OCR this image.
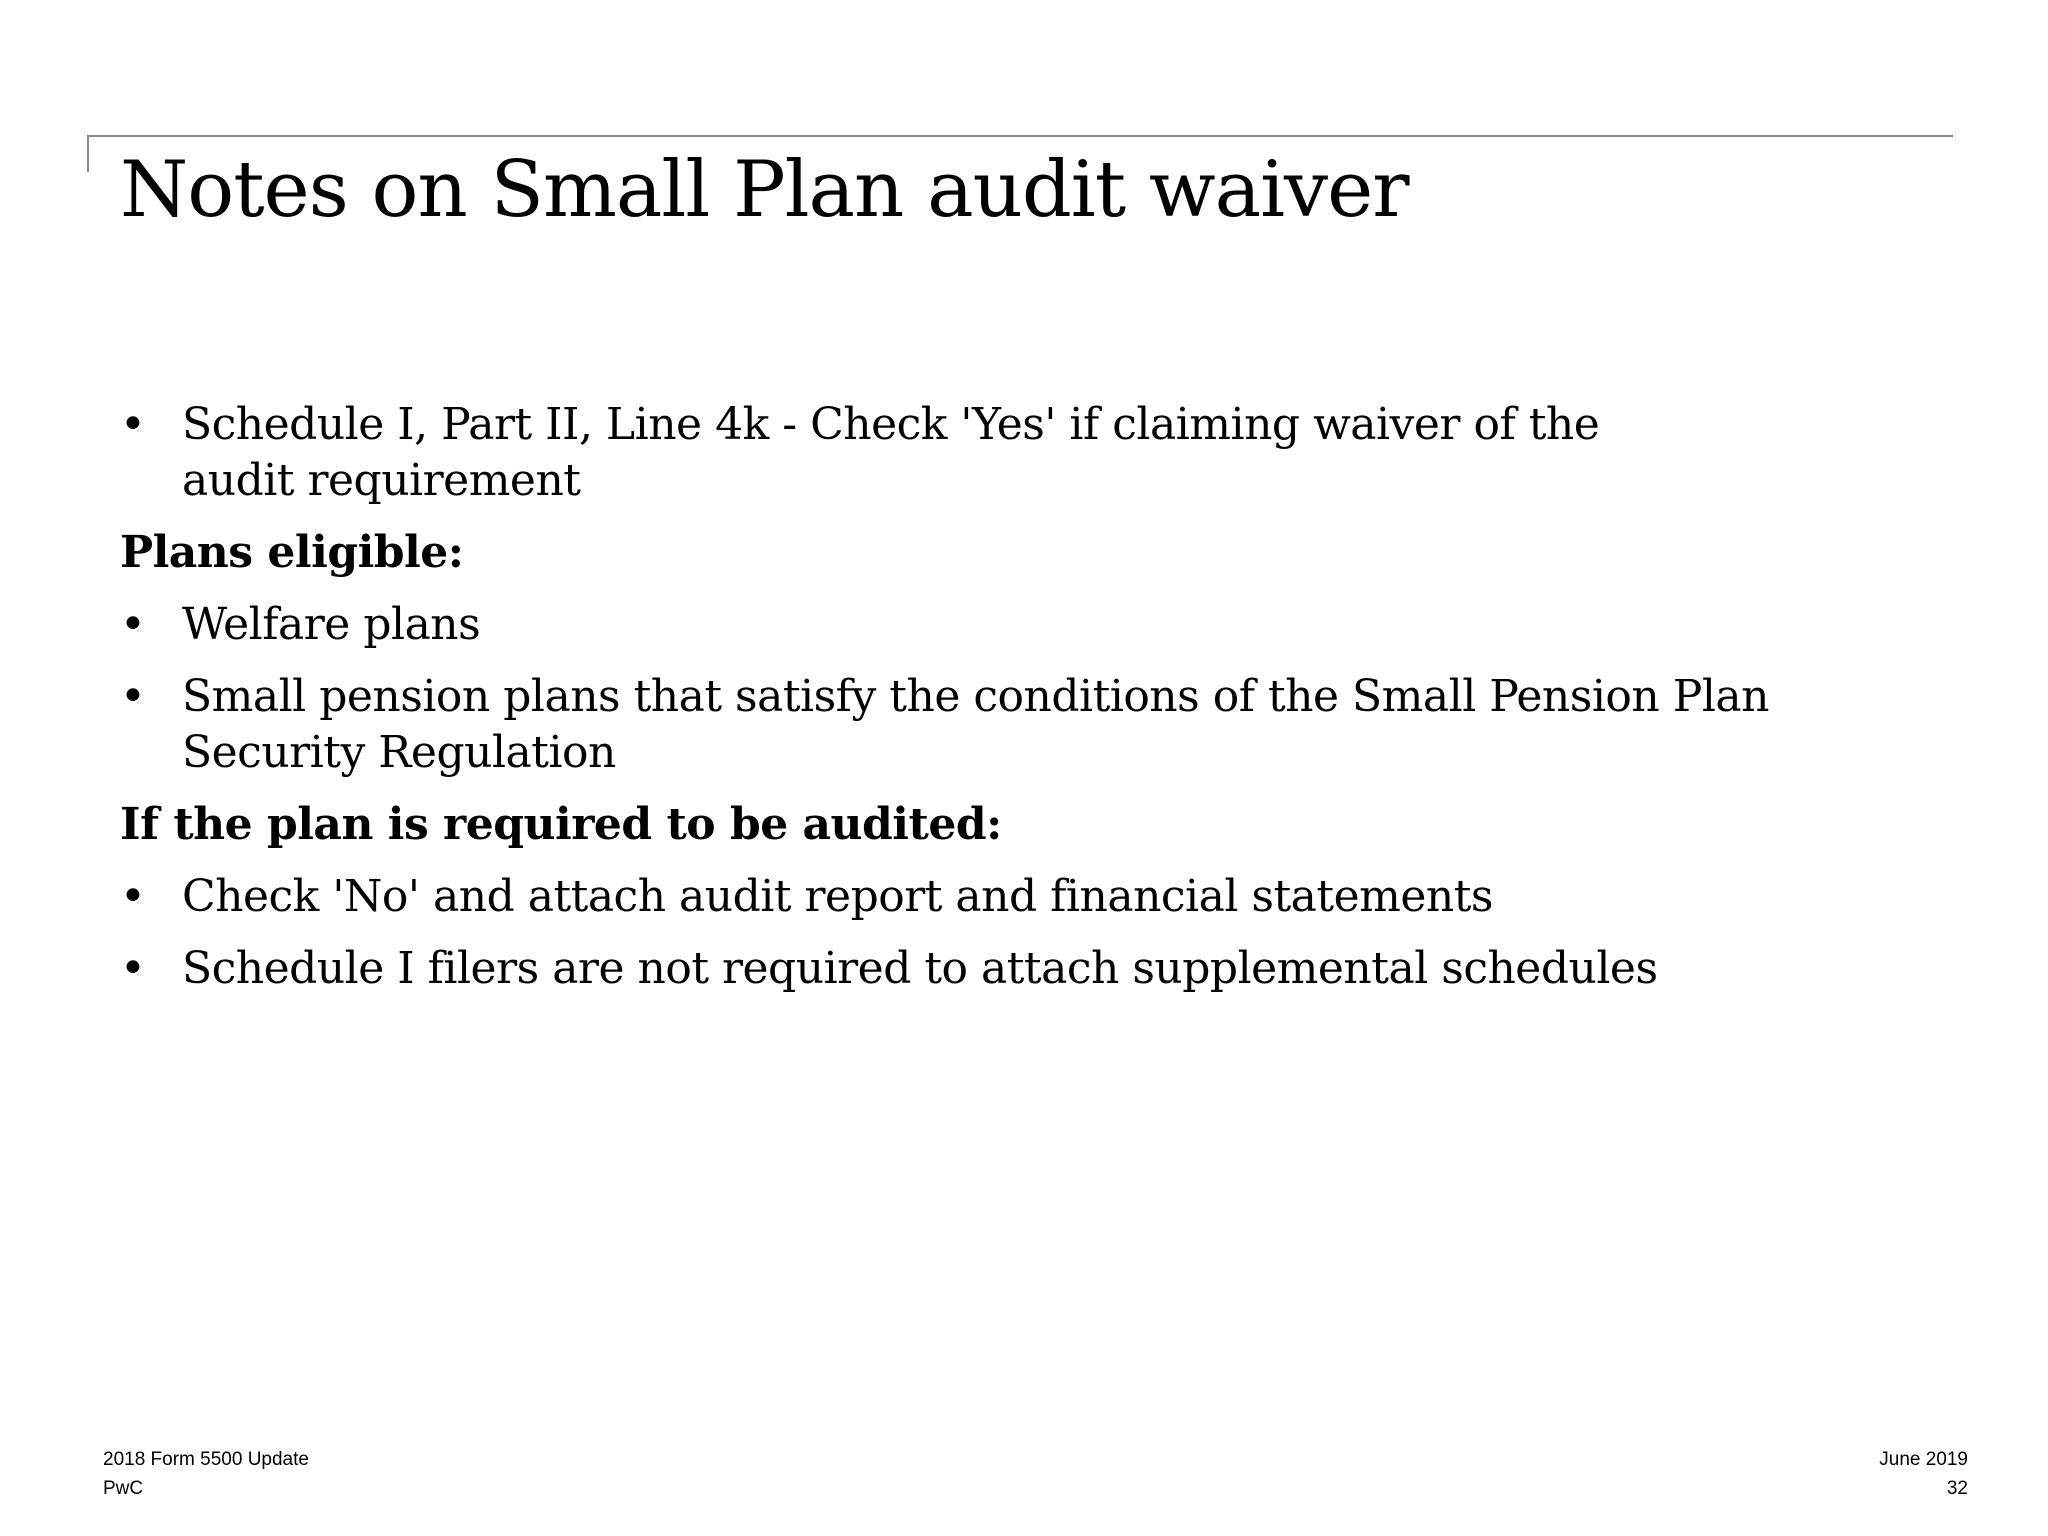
Notes on Small Plan audit waiver
• Schedule I, Part II, Line 4k - Check 'Yes' if claiming waiver of the audit requirement
Plans eligible:
• Welfare plans
• Small pension plans that satisfy the conditions of the Small Pension Plan Security Regulation
If the plan is required to be audited:
• Check 'No' and attach audit report and financial statements
• Schedule I filers are not required to attach supplemental schedules
2018 Form 5500 Update
PwC
June 2019
32
